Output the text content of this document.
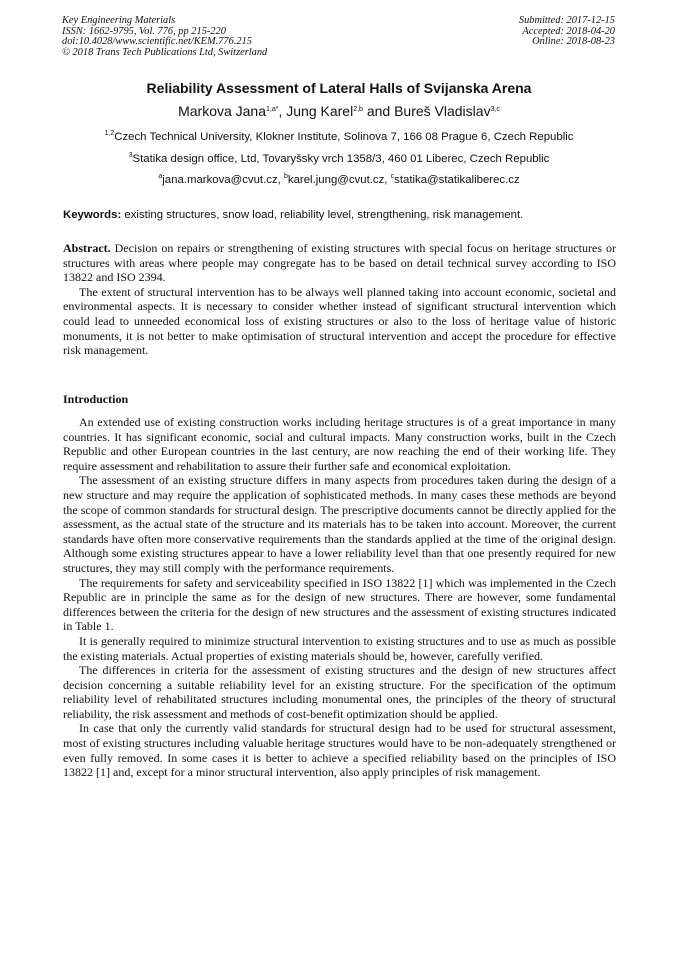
Key Engineering Materials
ISSN: 1662-9795, Vol. 776, pp 215-220
doi:10.4028/www.scientific.net/KEM.776.215
© 2018 Trans Tech Publications Ltd, Switzerland
Submitted: 2017-12-15
Accepted: 2018-04-20
Online: 2018-08-23
Reliability Assessment of Lateral Halls of Svijanska Arena
Markova Jana$^{1,a*}$, Jung Karel$^{2,b}$ and Bureš Vladislav$^{3,c}$
$^{1,2}$Czech Technical University, Klokner Institute, Solinova 7, 166 08 Prague 6, Czech Republic
$^3$Statika design office, Ltd, Tovaryšsky vrch 1358/3, 460 01 Liberec, Czech Republic
$^a$jana.markova@cvut.cz, $^b$karel.jung@cvut.cz, $^c$statika@statikaliberec.cz
Keywords: existing structures, snow load, reliability level, strengthening, risk management.

Abstract. Decision on repairs or strengthening of existing structures with special focus on heritage structures or structures with areas where people may congregate has to be based on detail technical survey according to ISO 13822 and ISO 2394.

The extent of structural intervention has to be always well planned taking into account economic, societal and environmental aspects. It is necessary to consider whether instead of significant structural intervention which could lead to unneeded economical loss of existing structures or also to the loss of heritage value of historic monuments, it is not better to make optimisation of structural intervention and accept the procedure for effective risk management.

Introduction

An extended use of existing construction works including heritage structures is of a great importance in many countries. It has significant economic, social and cultural impacts. Many construction works, built in the Czech Republic and other European countries in the last century, are now reaching the end of their working life. They require assessment and rehabilitation to assure their further safe and economical exploitation.

The assessment of an existing structure differs in many aspects from procedures taken during the design of a new structure and may require the application of sophisticated methods. In many cases these methods are beyond the scope of common standards for structural design. The prescriptive documents cannot be directly applied for the assessment, as the actual state of the structure and its materials has to be taken into account. Moreover, the current standards have often more conservative requirements than the standards applied at the time of the original design. Although some existing structures appear to have a lower reliability level than that one presently required for new structures, they may still comply with the performance requirements.

The requirements for safety and serviceability specified in ISO 13822 [1] which was implemented in the Czech Republic are in principle the same as for the design of new structures. There are however, some fundamental differences between the criteria for the design of new structures and the assessment of existing structures indicated in Table 1.

It is generally required to minimize structural intervention to existing structures and to use as much as possible the existing materials. Actual properties of existing materials should be, however, carefully verified.

The differences in criteria for the assessment of existing structures and the design of new structures affect decision concerning a suitable reliability level for an existing structure. For the specification of the optimum reliability level of rehabilitated structures including monumental ones, the principles of the theory of structural reliability, the risk assessment and methods of cost-benefit optimization should be applied.

In case that only the currently valid standards for structural design had to be used for structural assessment, most of existing structures including valuable heritage structures would have to be non-adequately strengthened or even fully removed. In some cases it is better to achieve a specified reliability based on the principles of ISO 13822 [1] and, except for a minor structural intervention, also apply principles of risk management.
